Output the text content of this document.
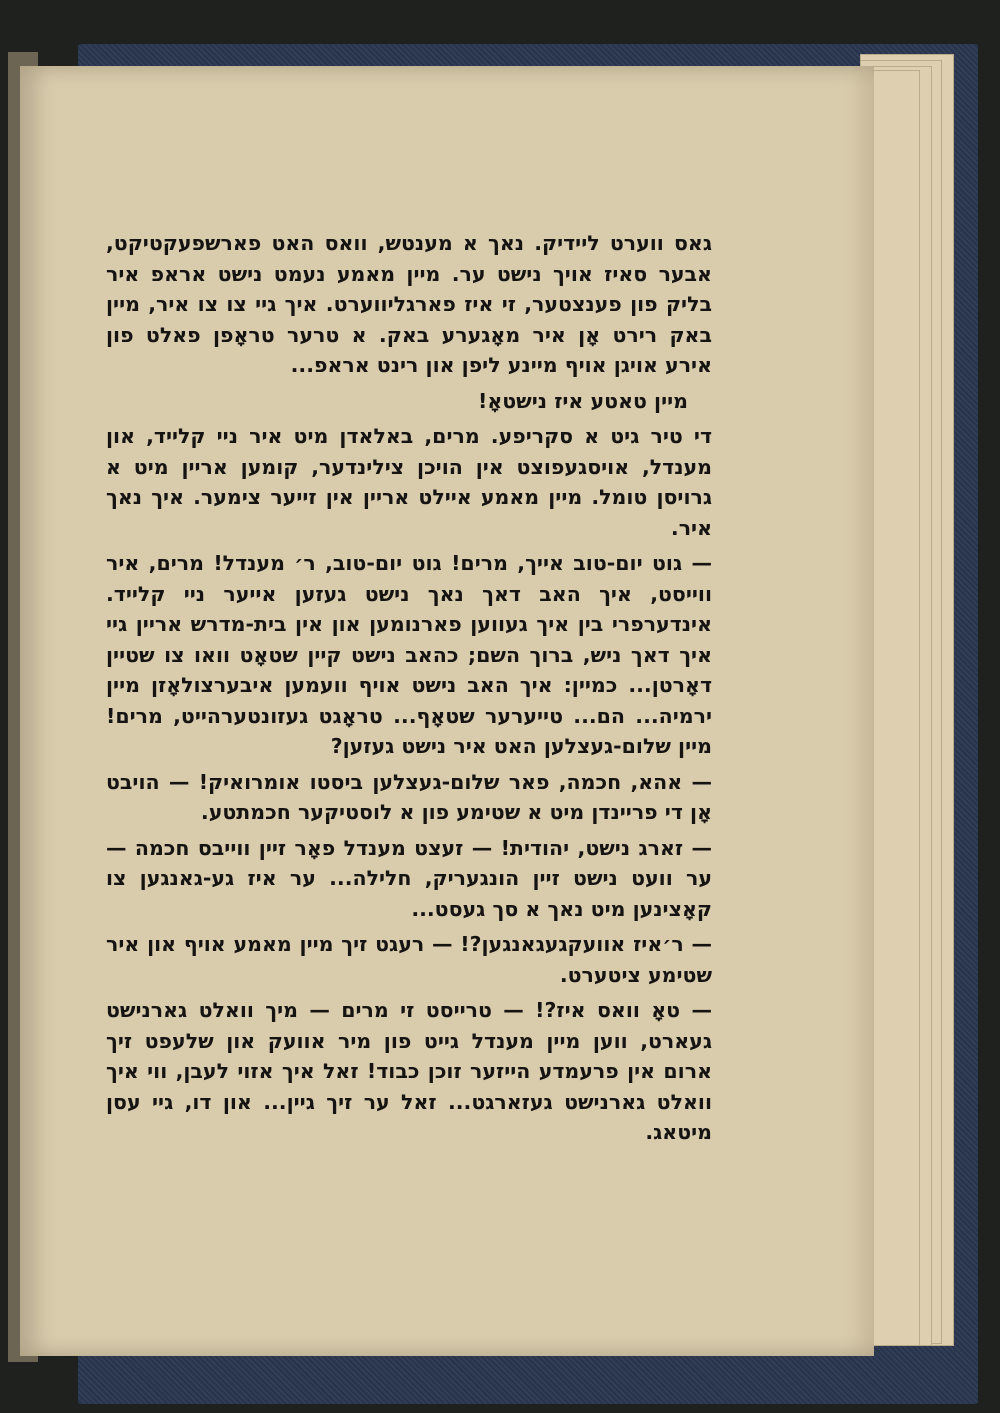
גאס ווערט ליידיק. נאך א מענטש, וואס האט פארשפעקטיקט, אבער סאיז אויך נישט ער. מיין מאמע נעמט נישט אראפ איר בליק פון פענצטער, זי איז פארגליווערט. איך גיי צו צו איר, מיין באק רירט אָן איר מאָגערע באק. א טרער טראָפן פאלט פון אירע אויגן אויף מיינע ליפן און רינט אראפ...

מיין טאטע איז נישטאָ!

די טיר גיט א סקריפע. מרים, באלאדן מיט איר ניי קלייד, און מענדל, אויסגעפוצט אין הויכן צילינדער, קומען אריין מיט א גרויסן טומל. מיין מאמע איילט אריין אין זייער צימער. איך נאך איר.

— גוט יום-טוב אייך, מרים! גוט יום-טוב, ר׳ מענדל! מרים, איר ווייסט, איך האב דאך נאך נישט געזען אייער ניי קלייד. אינדערפרי בין איך געווען פארנומען און אין בית-מדרש אריין גיי איך דאך ניש, ברוך השם; כהאב נישט קיין שטאָט וואו צו שטיין דאָרטן... כמיין: איך האב נישט אויף וועמען איבערצולאָזן מיין ירמיה... הם... טייערער שטאָף... טראָגט געזונטערהייט, מרים! מיין שלום-געצלען האט איר נישט געזען?

— אהא, חכמה, פאר שלום-געצלען ביסטו אומרואיק! — הויבט אָן די פריינדן מיט א שטימע פון א לוסטיקער חכמתטע.

— זארג נישט, יהודית! — זעצט מענדל פאָר זיין ווייבס חכמה — ער וועט נישט זיין הונגעריק, חלילה... ער איז גע-גאנגען צו קאָצינען מיט נאך א סך געסט...

— ר׳איז אוועקגעגאנגען?! — רעגט זיך מיין מאמע אויף און איר שטימע ציטערט.

— טאָ וואס איז?! — טרייסט זי מרים — מיך וואלט גארנישט געארט, ווען מיין מענדל גייט פון מיר אוועק און שלעפט זיך ארום אין פרעמדע הייזער זוכן כבוד! זאל איך אזוי לעבן, ווי איך וואלט גארנישט געזארגט... זאל ער זיך גיין... און דו, גיי עסן מיטאג.
